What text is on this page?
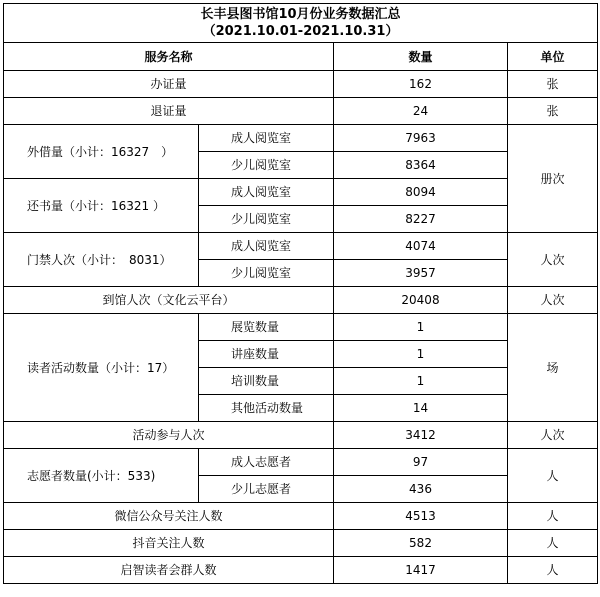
长丰县图书馆10月份业务数据汇总
（2021.10.01-2021.10.31）			

服务名称		数量	单位
办证量		162	张
退证量		24	张
外借量（小计：16327　）	成人阅览室	7963	册次
	少儿阅览室	8364	
还书量（小计：16321 ）	成人阅览室	8094	
	少儿阅览室	8227	
门禁人次（小计：　8031）	成人阅览室	4074	人次
	少儿阅览室	3957	
到馆人次（文化云平台）		20408	人次
读者活动数量（小计：17）	展览数量	1	场
	讲座数量	1	
	培训数量	1	
	其他活动数量	14	
活动参与人次		3412	人次
志愿者数量(小计：533)	成人志愿者	97	人
	少儿志愿者	436	
微信公众号关注人数		4513	人
抖音关注人数		582	人
启智读者会群人数		1417	人
